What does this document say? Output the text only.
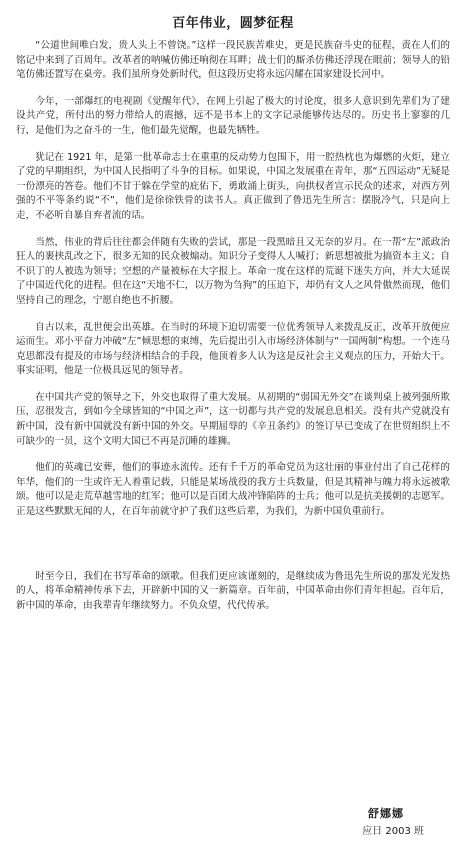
百年伟业，圆梦征程

“公道世间唯白发，贵人头上不曾饶。”这样一段民族苦难史，更是民族奋斗史的征程，责在人们的铭记中来到了百周年。改革者的呐喊仿佛还响彻在耳畔；战士们的厮杀仿佛还浮现在眼前；领导人的铅笔仿佛还置写在桌旁。我们虽所身处新时代，但这段历史将永远闪耀在国家建设长河中。

今年，一部爆红的电视剧《觉醒年代》，在网上引起了极大的讨论度，很多人意识到先辈们为了建设共产党，所付出的努力带给人的震撼，远不是书本上的文字记录能够传达尽的。历史书上寥寥的几行，是他们为之奋斗的一生，他们最先觉醒，也最先牺牲。

犹记在 1921 年，是第一批革命志士在重重的反动势力包围下，用一腔热枕也为爆燃的火炬，建立了党的早期组织，为中国人民指明了斗争的目标。如果说，中国之发展重在青年，那“五四运动”无疑是一份漂亮的答卷。他们不甘于躲在学堂的庇佑下，勇敢涌上街头，向拱权者宣示民众的述求，对西方列强的不平等条约说“不”，他们是徐徐铁骨的读书人。真正做到了鲁迅先生所言：摆脱冷气，只是向上走，不必听自暴自弃者流的话。

当然，伟业的背后往往都会伴随有失败的尝试，那是一段黑暗且又无奈的岁月。在一帮“左”派政治狂人的裹挟乱改之下，很多无知的民众被煽动。知识分子变得人人喊打；新思想被批为搞资本主义；自不识丁的人被选为领导；空想的产量被标在大字报上。革命一度在这样的荒诞下迷失方向，并大大延误了中国近代化的进程。但在这“天地不仁，以万物为刍狗”的压迫下，却仍有文人之风骨傲然而现，他们坚持自己的理念，宁愿自绝也不折腰。

自古以来，乱世便会出英雄。在当时的环境下迫切需要一位优秀领导人来拨乱反正，改革开放便应运而生。邓小平奋力冲破“左”倾思想的束缚，先后提出引入市场经济体制与“一国两制”构想。一个连马克思都没有提及的市场与经济相结合的手段，他顶着多人认为这是反社会主义观点的压力，开始大干。事实证明，他是一位极具远见的领导者。

在中国共产党的领导之下，外交也取得了重大发展。从初期的“弱国无外交”在谈判桌上被列强所欺压，忍很发言，到如今全球皆知的“中国之声”，这一切都与共产党的发展息息相关。没有共产党就没有新中国，没有新中国就没有新中国的外交。早期屈辱的《辛丑条约》的签订早已变成了在世贸组织上不可缺少的一员，这个文明大国已不再是沉睡的雄狮。

他们的英魂已安葬，他们的事迹永流传。还有千千万的革命党员为这壮丽的事业付出了自己花样的年华，他们的一生或许无人着重记载，只能是某场战役的我方士兵数量，但是其精神与魄力将永远被歌颂。他可以是走荒草越雪地的红军；他可以是百团大战冲锋陷阵的士兵；他可以是抗美援朝的志愿军。正是这些默默无闻的人，在百年前就守护了我们这些后辈，为我们，为新中国负重前行。

时至今日，我们在书写革命的颂歌。但我们更应该谨刻的，是继续成为鲁迅先生所说的那发光发热的人，将革命精神传承下去，开辟新中国的又一新篇章。百年前，中国革命由你们青年担起。百年后，新中国的革命，由我辈青年继续努力。不负众望，代代传承。

舒娜娜
应日 2003 班
